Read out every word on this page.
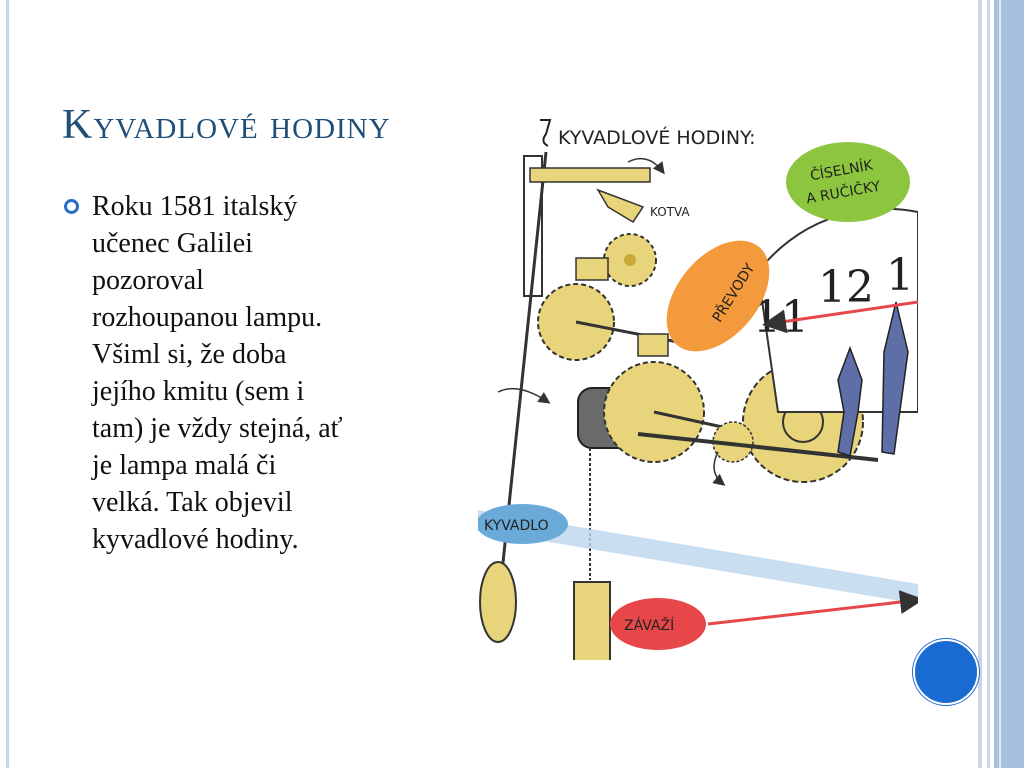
Kyvadlové hodiny
Roku 1581 italský
učenec Galilei
pozoroval
rozhoupanou lampu.
Všiml si, že doba
jejího kmitu (sem i
tam) je vždy stejná, ať
je lampa malá či
velká. Tak objevil
kyvadlové hodiny.
KYVADLOVÉ HODINY:
KOTVA
11
12 1
ČÍSELNÍK
A RUČIČKY
PŘEVODY
KYVADLO
ZÁVAŽÍ
